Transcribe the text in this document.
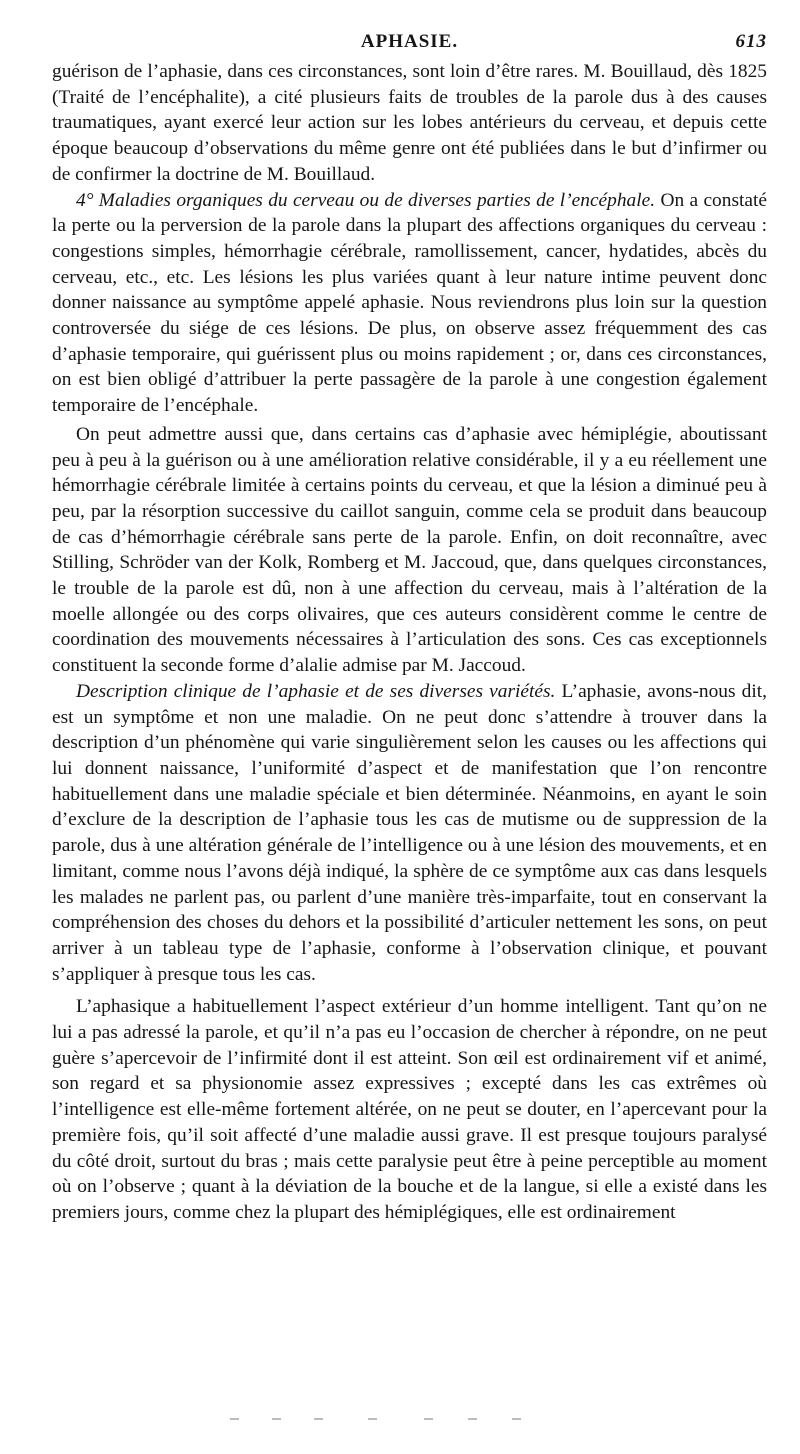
APHASIE.	613

guérison de l’aphasie, dans ces circonstances, sont loin d’être rares. M. Bouillaud, dès 1825 (Traité de l’encéphalite), a cité plusieurs faits de troubles de la parole dus à des causes traumatiques, ayant exercé leur action sur les lobes antérieurs du cerveau, et depuis cette époque beaucoup d’observations du même genre ont été publiées dans le but d’infirmer ou de confirmer la doctrine de M. Bouillaud.

4° Maladies organiques du cerveau ou de diverses parties de l’encéphale. On a constaté la perte ou la perversion de la parole dans la plupart des affections organiques du cerveau : congestions simples, hémorrhagie cérébrale, ramollissement, cancer, hydatides, abcès du cerveau, etc., etc. Les lésions les plus variées quant à leur nature intime peuvent donc donner naissance au symptôme appelé aphasie. Nous reviendrons plus loin sur la question controversée du siége de ces lésions. De plus, on observe assez fréquemment des cas d’aphasie temporaire, qui guérissent plus ou moins rapidement ; or, dans ces circonstances, on est bien obligé d’attribuer la perte passagère de la parole à une congestion également temporaire de l’encéphale.

On peut admettre aussi que, dans certains cas d’aphasie avec hémiplégie, aboutissant peu à peu à la guérison ou à une amélioration relative considérable, il y a eu réellement une hémorrhagie cérébrale limitée à certains points du cerveau, et que la lésion a diminué peu à peu, par la résorption successive du caillot sanguin, comme cela se produit dans beaucoup de cas d’hémorrhagie cérébrale sans perte de la parole. Enfin, on doit reconnaître, avec Stilling, Schröder van der Kolk, Romberg et M. Jaccoud, que, dans quelques circonstances, le trouble de la parole est dû, non à une affection du cerveau, mais à l’altération de la moelle allongée ou des corps olivaires, que ces auteurs considèrent comme le centre de coordination des mouvements nécessaires à l’articulation des sons. Ces cas exceptionnels constituent la seconde forme d’alalie admise par M. Jaccoud.

Description clinique de l’aphasie et de ses diverses variétés. L’aphasie, avons-nous dit, est un symptôme et non une maladie. On ne peut donc s’attendre à trouver dans la description d’un phénomène qui varie singulièrement selon les causes ou les affections qui lui donnent naissance, l’uniformité d’aspect et de manifestation que l’on rencontre habituellement dans une maladie spéciale et bien déterminée. Néanmoins, en ayant le soin d’exclure de la description de l’aphasie tous les cas de mutisme ou de suppression de la parole, dus à une altération générale de l’intelligence ou à une lésion des mouvements, et en limitant, comme nous l’avons déjà indiqué, la sphère de ce symptôme aux cas dans lesquels les malades ne parlent pas, ou parlent d’une manière très-imparfaite, tout en conservant la compréhension des choses du dehors et la possibilité d’articuler nettement les sons, on peut arriver à un tableau type de l’aphasie, conforme à l’observation clinique, et pouvant s’appliquer à presque tous les cas.

L’aphasique a habituellement l’aspect extérieur d’un homme intelligent. Tant qu’on ne lui a pas adressé la parole, et qu’il n’a pas eu l’occasion de chercher à répondre, on ne peut guère s’apercevoir de l’infirmité dont il est atteint. Son œil est ordinairement vif et animé, son regard et sa physionomie assez expressives ; excepté dans les cas extrêmes où l’intelligence est elle-même fortement altérée, on ne peut se douter, en l’apercevant pour la première fois, qu’il soit affecté d’une maladie aussi grave. Il est presque toujours paralysé du côté droit, surtout du bras ; mais cette paralysie peut être à peine perceptible au moment où on l’observe ; quant à la déviation de la bouche et de la langue, si elle a existé dans les premiers jours, comme chez la plupart des hémiplégiques, elle est ordinairement
